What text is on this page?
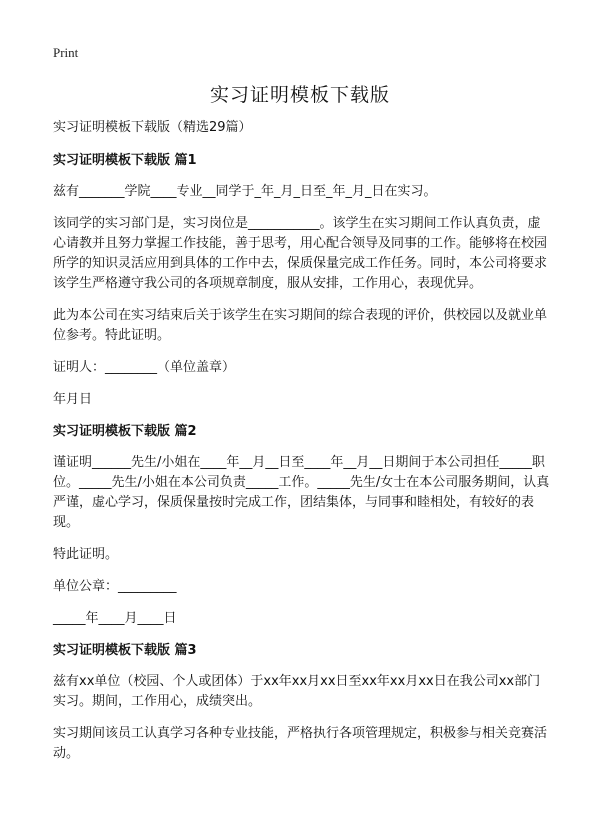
Print
实习证明模板下载版

实习证明模板下载版（精选29篇）

实习证明模板下载版 篇1

兹有_______学院____专业__同学于_年_月_日至_年_月_日在实习。

该同学的实习部门是，实习岗位是___________。该学生在实习期间工作认真负责，虚心请教并且努力掌握工作技能，善于思考，用心配合领导及同事的工作。能够将在校园所学的知识灵活应用到具体的工作中去，保质保量完成工作任务。同时，本公司将要求该学生严格遵守我公司的各项规章制度，服从安排，工作用心，表现优异。

此为本公司在实习结束后关于该学生在实习期间的综合表现的评价，供校园以及就业单位参考。特此证明。

证明人：________（单位盖章）

年月日

实习证明模板下载版 篇2

谨证明______先生/小姐在____年__月__日至____年__月__日期间于本公司担任_____职位。_____先生/小姐在本公司负责_____工作。_____先生/女士在本公司服务期间，认真严谨，虚心学习，保质保量按时完成工作，团结集体，与同事和睦相处，有较好的表现。

特此证明。

单位公章：_________

_____年____月____日

实习证明模板下载版 篇3

兹有xx单位（校园、个人或团体）于xx年xx月xx日至xx年xx月xx日在我公司xx部门实习。期间，工作用心，成绩突出。

实习期间该员工认真学习各种专业技能，严格执行各项管理规定，积极参与相关竞赛活动。
